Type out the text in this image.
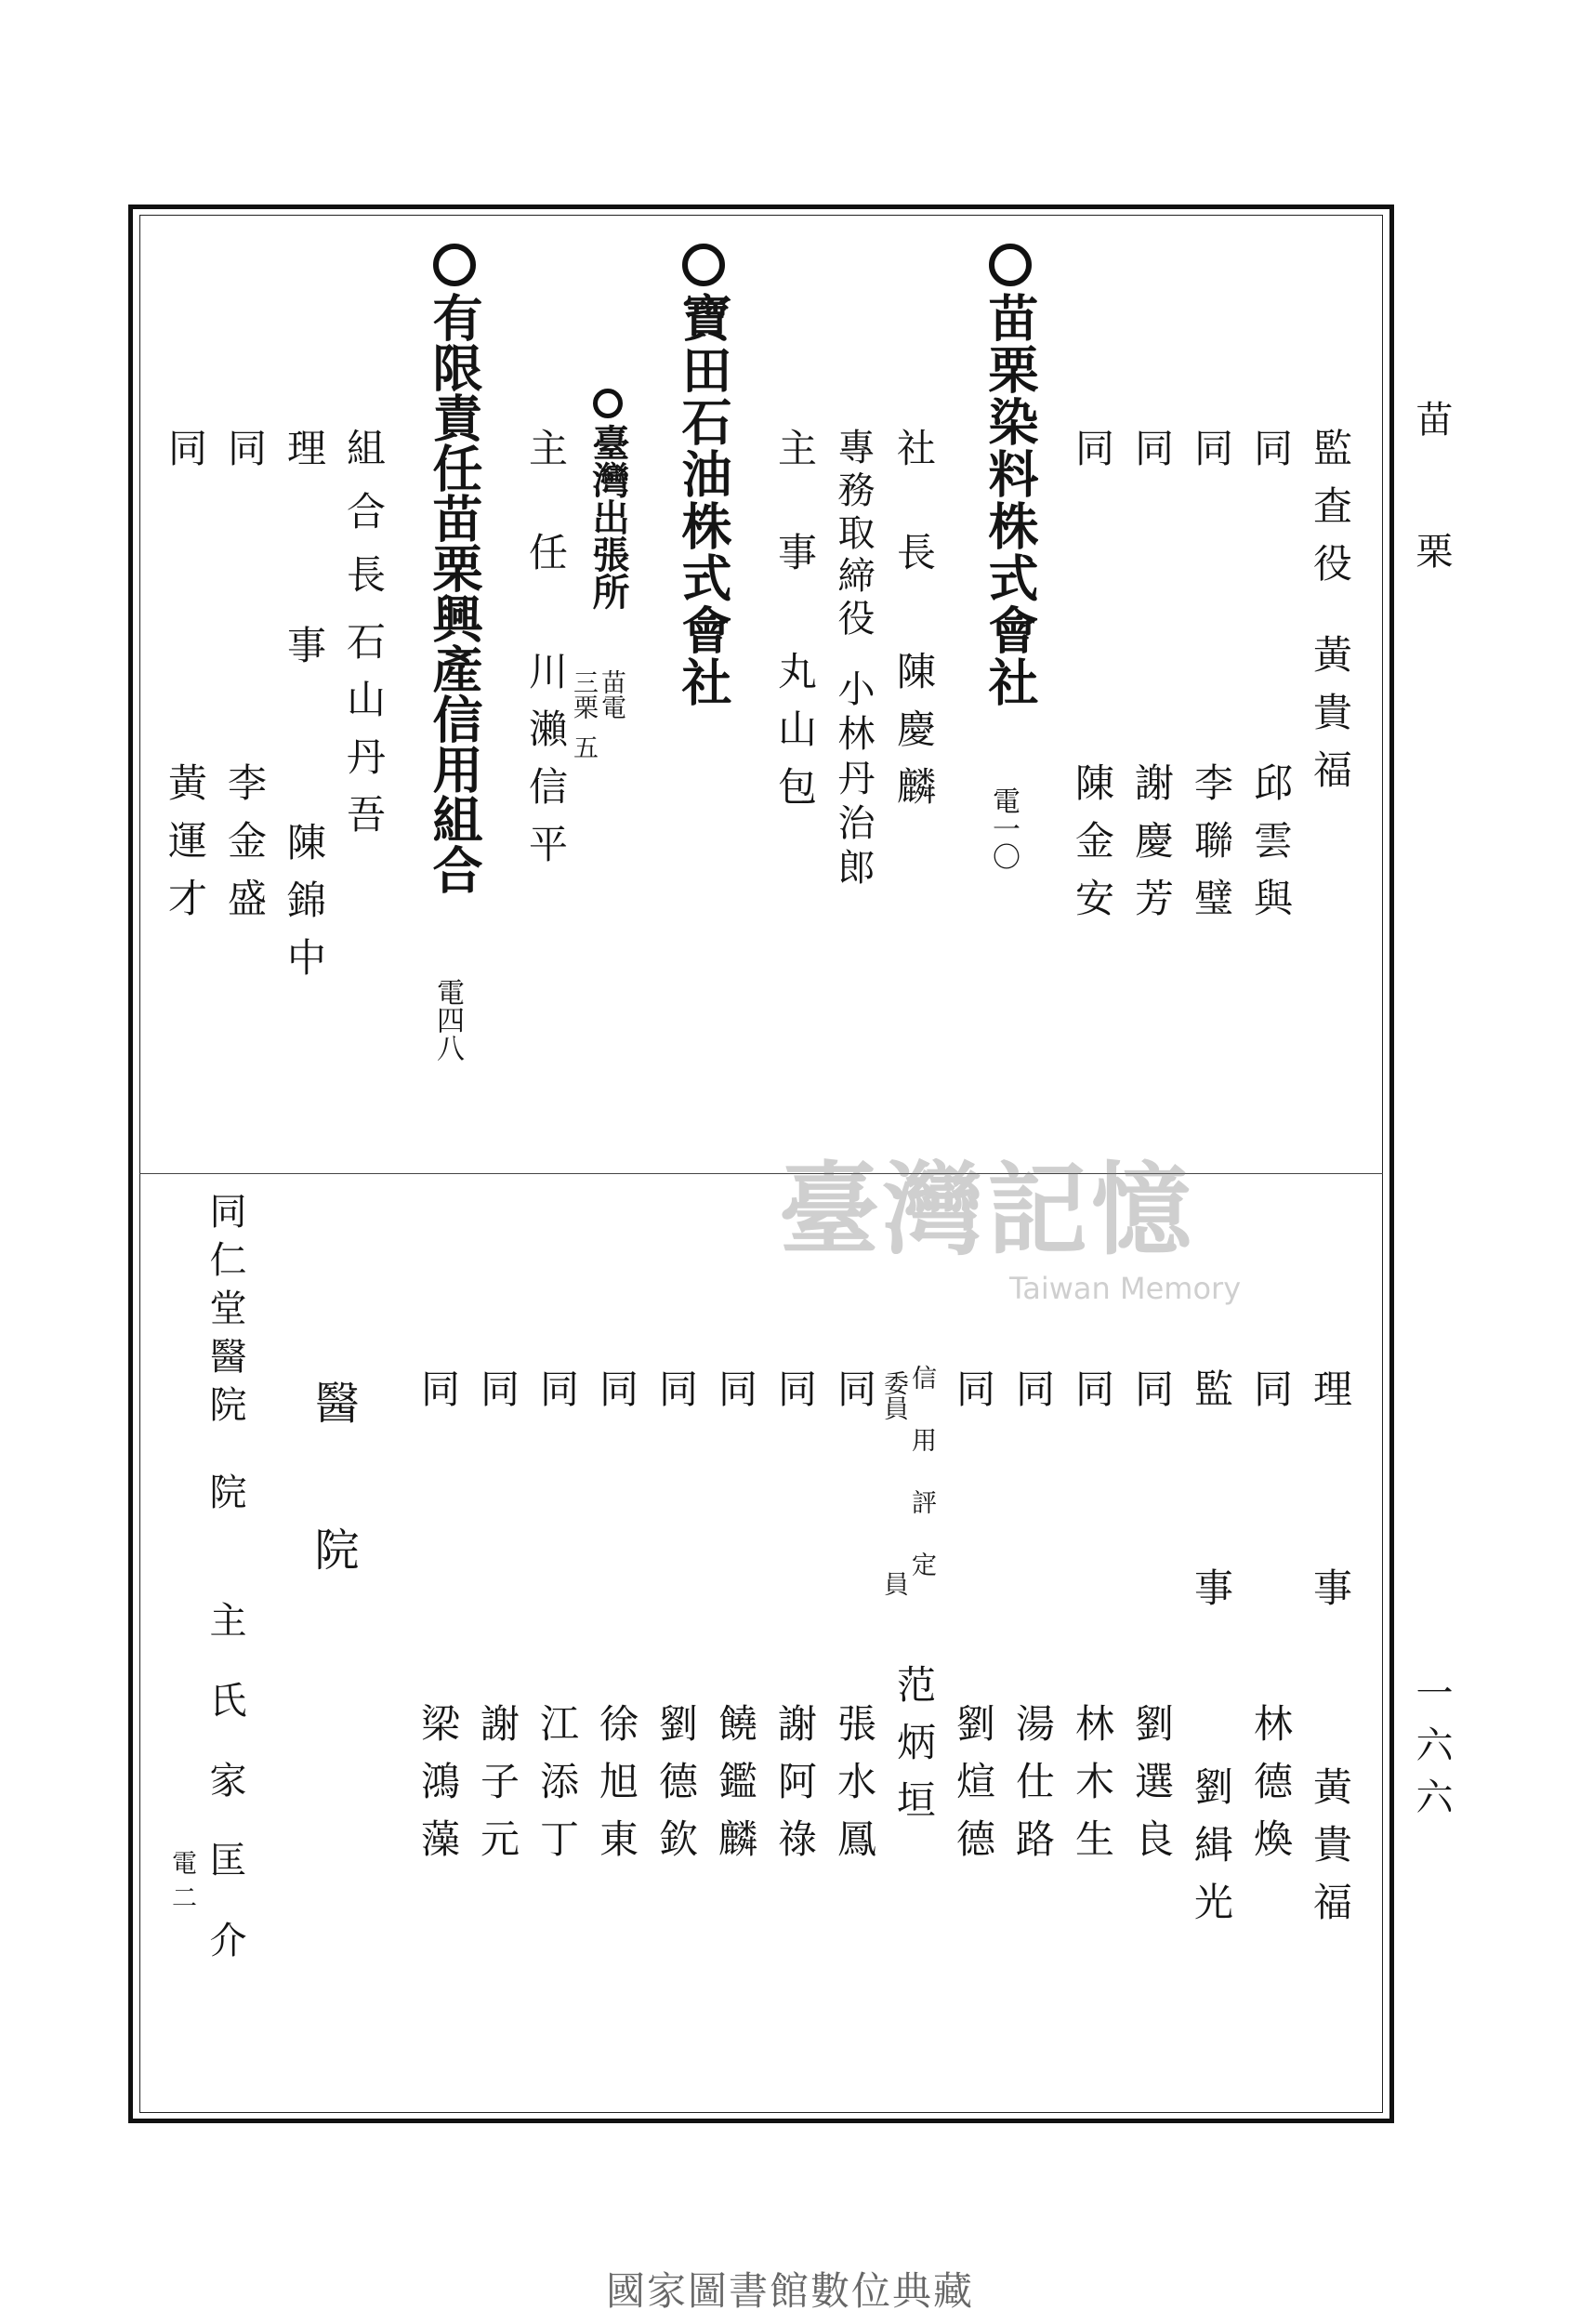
苗 栗
一六六
監査役黃貴福
同邱雲與
同李聯璧
同謝慶芳
同陳金安
苗栗染料株式會社
電一〇
社長陳慶麟
專務取締役小林丹治郎
主事丸山包
寶田石油株式會社
臺灣出張所
苗電
三栗
五
主任川瀨信平
有限責任苗栗興產信用組合
電四八
組合長石山丹吾
理事陳錦中
同李金盛
同黃運才
理事黃貴福
同林德煥
監事劉緝光
同劉選良
同林木生
同湯仕路
同劉煊德
信用評定
委員
員
范炳垣
同張水鳳
同謝阿祿
同饒鑑麟
同劉德欽
同徐旭東
同江添丁
同謝子元
同梁鴻藻
醫院
同仁堂醫院
院主
氏家匡介
電二
臺灣記憶
Taiwan Memory
國家圖書館數位典藏
